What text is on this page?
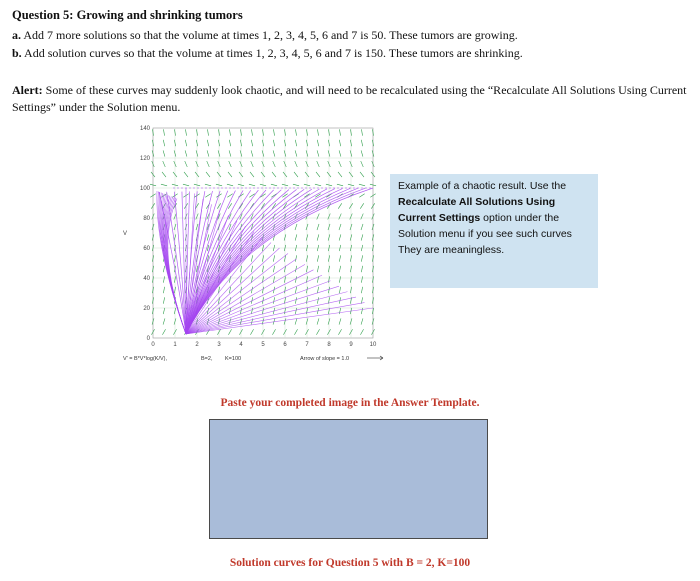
Question 5: Growing and shrinking tumors
a. Add 7 more solutions so that the volume at times 1, 2, 3, 4, 5, 6 and 7 is 50. These tumors are growing.
b. Add solution curves so that the volume at times 1, 2, 3, 4, 5, 6 and 7 is 150. These tumors are shrinking.
Alert: Some of these curves may suddenly look chaotic, and will need to be recalculated using the “Recalculate All Solutions Using Current Settings” under the Solution menu.
0	1	2	3	4	5	6	7	8	9	10
0
20
40
60
80
100
120
140
V
V' = B*V*log(K/V),	B=2, K=100	Arrow of slope = 1.0
Example of a chaotic result. Use the Recalculate All Solutions Using Current Settings option under the Solution menu if you see such curves They are meaningless.
Paste your completed image in the Answer Template.
Solution curves for Question 5 with B = 2, K=100
